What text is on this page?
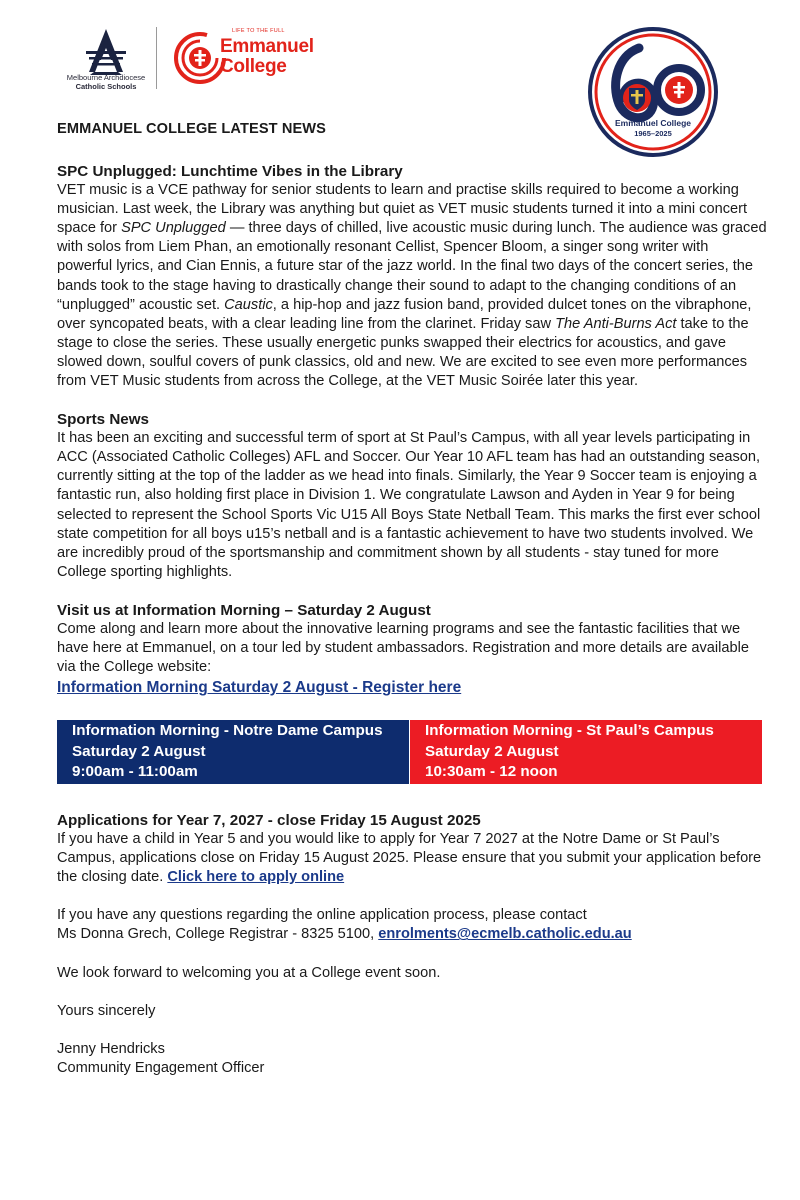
Melbourne Archdiocese
Catholic Schools
LIFE TO THE FULL
Emmanuel
College
Emmanuel College
1965–2025
EMMANUEL COLLEGE LATEST NEWS
SPC Unplugged: Lunchtime Vibes in the Library

VET music is a VCE pathway for senior students to learn and practise skills required to become a working musician. Last week, the Library was anything but quiet as VET music students turned it into a mini concert space for SPC Unplugged — three days of chilled, live acoustic music during lunch. The audience was graced with solos from Liem Phan, an emotionally resonant Cellist, Spencer Bloom, a singer song writer with powerful lyrics, and Cian Ennis, a future star of the jazz world. In the final two days of the concert series, the bands took to the stage having to drastically change their sound to adapt to the changing conditions of an “unplugged” acoustic set. Caustic, a hip-hop and jazz fusion band, provided dulcet tones on the vibraphone, over syncopated beats, with a clear leading line from the clarinet. Friday saw The Anti-Burns Act take to the stage to close the series. These usually energetic punks swapped their electrics for acoustics, and gave slowed down, soulful covers of punk classics, old and new. We are excited to see even more performances from VET Music students from across the College, at the VET Music Soirée later this year.

Sports News

It has been an exciting and successful term of sport at St Paul’s Campus, with all year levels participating in ACC (Associated Catholic Colleges) AFL and Soccer. Our Year 10 AFL team has had an outstanding season, currently sitting at the top of the ladder as we head into finals. Similarly, the Year 9 Soccer team is enjoying a fantastic run, also holding first place in Division 1. We congratulate Lawson and Ayden in Year 9 for being selected to represent the School Sports Vic U15 All Boys State Netball Team. This marks the first ever school state competition for all boys u15’s netball and is a fantastic achievement to have two students involved. We are incredibly proud of the sportsmanship and commitment shown by all students - stay tuned for more College sporting highlights.

Visit us at Information Morning – Saturday 2 August

Come along and learn more about the innovative learning programs and see the fantastic facilities that we have here at Emmanuel, on a tour led by student ambassadors. Registration and more details are available via the College website:

Information Morning Saturday 2 August - Register here
Information Morning - Notre Dame Campus
Saturday 2 August
9:00am - 11:00am
Information Morning - St Paul’s Campus
Saturday 2 August
10:30am - 12 noon
Applications for Year 7, 2027 - close Friday 15 August 2025

If you have a child in Year 5 and you would like to apply for Year 7 2027 at the Notre Dame or St Paul’s Campus, applications close on Friday 15 August 2025. Please ensure that you submit your application before the closing date. Click here to apply online

If you have any questions regarding the online application process, please contact

Ms Donna Grech, College Registrar - 8325 5100, enrolments@ecmelb.catholic.edu.au

We look forward to welcoming you at a College event soon.

Yours sincerely

Jenny Hendricks

Community Engagement Officer
